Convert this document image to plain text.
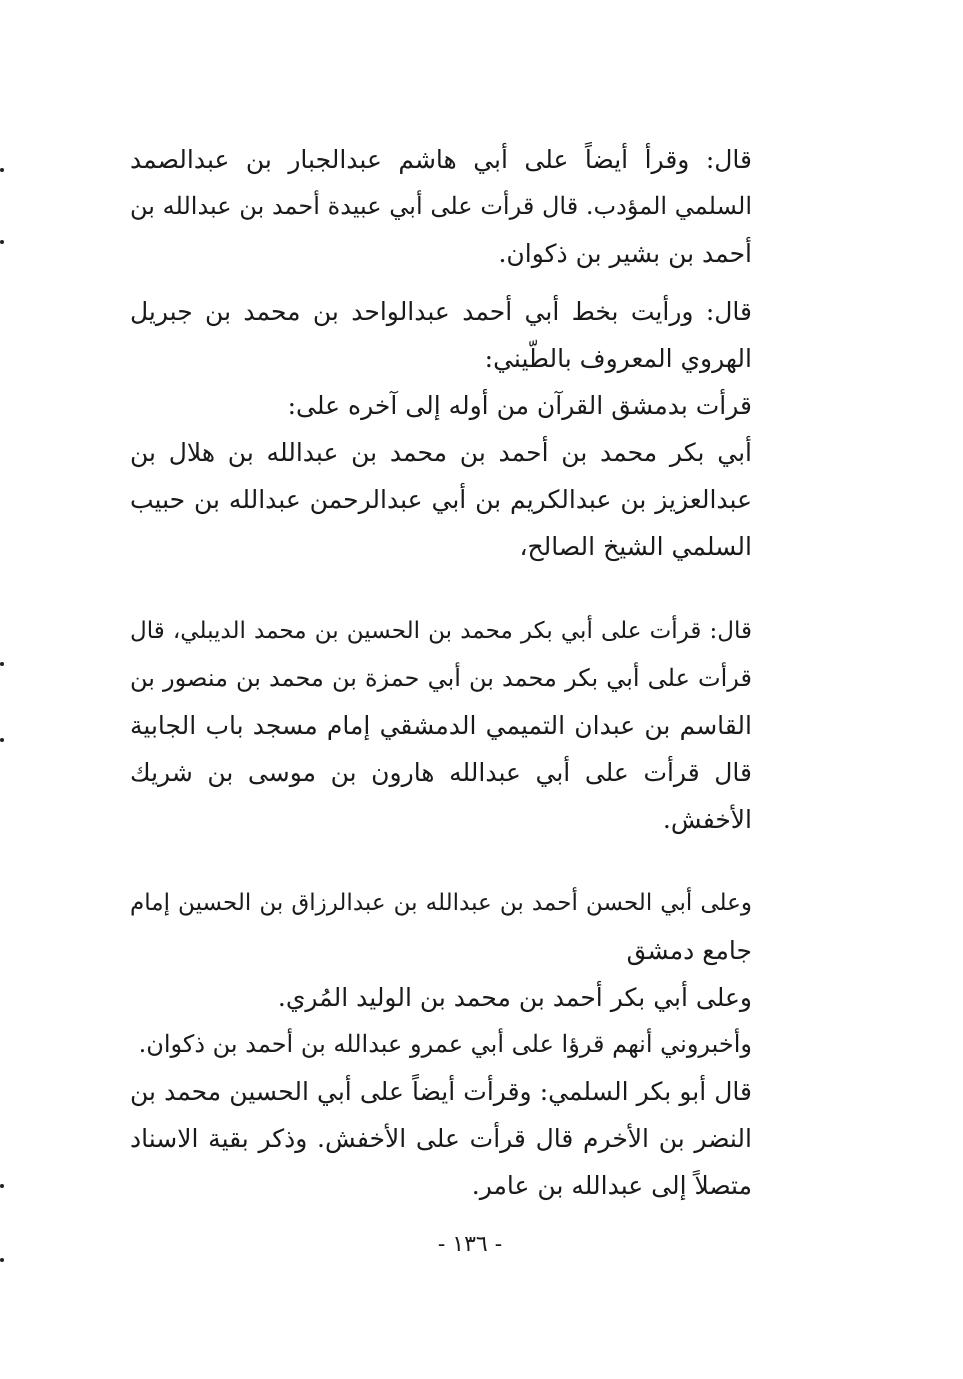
قال: وقرأ أيضاً على أبي هاشم عبدالجبار بن عبدالصمد
السلمي المؤدب. قال قرأت على أبي عبيدة أحمد بن عبدالله بن
أحمد بن بشير بن ذكوان.
قال: ورأيت بخط أبي أحمد عبدالواحد بن محمد بن جبريل
الهروي المعروف بالطّيني:
قرأت بدمشق القرآن من أوله إلى آخره على:
أبي بكر محمد بن أحمد بن محمد بن عبدالله بن هلال بن
عبدالعزيز بن عبدالكريم بن أبي عبدالرحمن عبدالله بن حبيب
السلمي الشيخ الصالح،
قال: قرأت على أبي بكر محمد بن الحسين بن محمد الديبلي، قال
قرأت على أبي بكر محمد بن أبي حمزة بن محمد بن منصور بن
القاسم بن عبدان التميمي الدمشقي إمام مسجد باب الجابية
قال قرأت على أبي عبدالله هارون بن موسى بن شريك
الأخفش.
وعلى أبي الحسن أحمد بن عبدالله بن عبدالرزاق بن الحسين إمام
جامع دمشق
وعلى أبي بكر أحمد بن محمد بن الوليد المُري.
وأخبروني أنهم قرؤا على أبي عمرو عبدالله بن أحمد بن ذكوان.
قال أبو بكر السلمي: وقرأت أيضاً على أبي الحسين محمد بن
النضر بن الأخرم قال قرأت على الأخفش. وذكر بقية الاسناد
متصلاً إلى عبدالله بن عامر.
- ١٣٦ -
